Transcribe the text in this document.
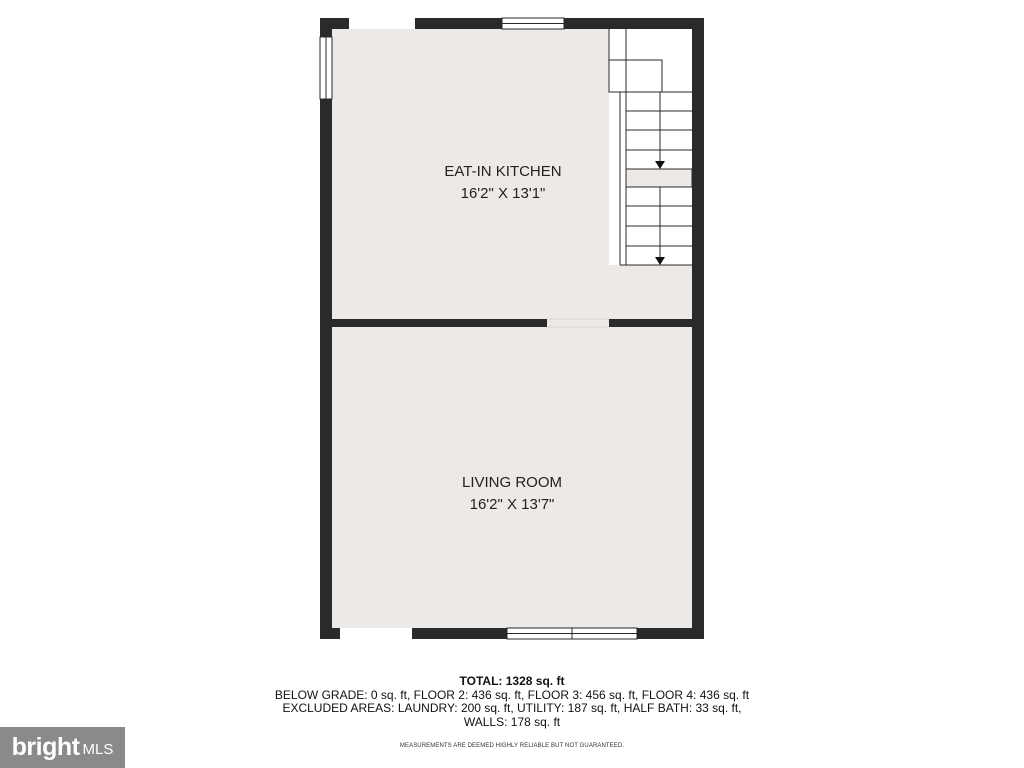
EAT-IN KITCHEN
16'2" X 13'1"
LIVING ROOM
16'2" X 13'7"
TOTAL: 1328 sq. ft
BELOW GRADE: 0 sq. ft, FLOOR 2: 436 sq. ft, FLOOR 3: 456 sq. ft, FLOOR 4: 436 sq. ft
EXCLUDED AREAS: LAUNDRY: 200 sq. ft, UTILITY: 187 sq. ft, HALF BATH: 33 sq. ft,
WALLS: 178 sq. ft
MEASUREMENTS ARE DEEMED HIGHLY RELIABLE BUT NOT GUARANTEED.
bright MLS
